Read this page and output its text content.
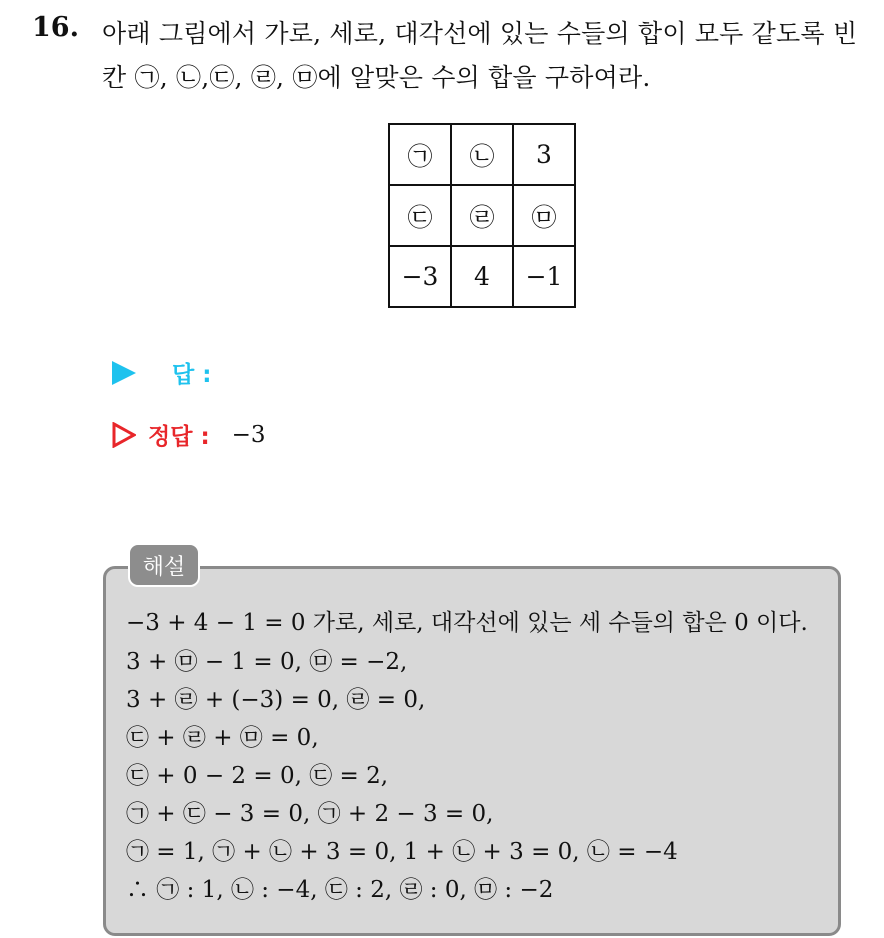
16. 아래 그림에서 가로, 세로, 대각선에 있는 수들의 합이 모두 같도록 빈
칸 ㉠, ㉡,㉢, ㉣, ㉤에 알맞은 수의 합을 구하여라.
㉠	㉡	3
㉢	㉣	㉤
−3	4	−1
답 :
정답 : −3
해설
−3 + 4 − 1 = 0 가로, 세로, 대각선에 있는 세 수들의 합은 0 이다.
3 + ㉤ − 1 = 0, ㉤ = −2,
3 + ㉣ + (−3) = 0, ㉣ = 0,
㉢ + ㉣ + ㉤ = 0,
㉢ + 0 − 2 = 0, ㉢ = 2,
㉠ + ㉢ − 3 = 0, ㉠ + 2 − 3 = 0,
㉠ = 1, ㉠ + ㉡ + 3 = 0, 1 + ㉡ + 3 = 0, ㉡ = −4
∴ ㉠ : 1, ㉡ : −4, ㉢ : 2, ㉣ : 0, ㉤ : −2
